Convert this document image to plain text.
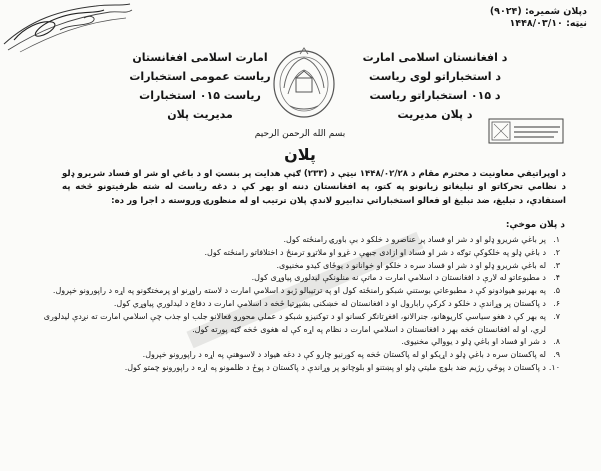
دپلان شمیره: (۹۰۲۴)
نیټه: ۱۴۴۸/۰۳/۱۰
امارت اسلامی افغانستان
ریاست عمومی استخبارات
ریاست ۰۱۵ استخبارات
مدیریت پلان
د افغانستان اسلامی امارت
د استخباراتو لوی ریاست
د ۰۱۵ استخباراتو ریاست
د پلان مدیریت
بسم الله الرحمن الرحیم
پلان
د اوپراتیفي معاونیت د محترم مقام د ۱۴۴۸/۰۲/۲۸ نیټې د (۲۳۳) ګڼې هدایت پر بنسټ او د باغي او شر او فساد شریرو ډلو د نظامي تحرکاتو او تبلیغاتو زیانونو په کتو، په افغانستان دننه او بهر کې د دغه ریاست له شته ظرفیتونو څخه په استفادې، د تبلیغ، ضد تبلیغ او فعالو استخباراتي تدابیرو لاندې پلان ترتیب او له منظورۍ وروسته د اجرا ور ده:
د پلان موخې:
۱.
پر باغي شریرو ډلو او د شر او فساد پر عناصرو د خلکو د بې باورۍ رامنځته کول.
۲.
د باغي ډلو په خلکوکې توګه د شر او فساد او ازادی جبهې د غړو او ملاتړو ترمنځ د اختلافاتو رامنځته کول.
۳.
له باغي شریرو ډلو او د شر او فساد سره د خلکو او خوانانو د یوځای کیدو مخنیوی.
۴.
د مطبوعاتو له لارې د افغانستان د اسلامي امارت د ماتې نه منلونکې لیدلوری پیاوړی کول.
۵.
په بهرنیو هیوادونو کې د مطبوعاتي بوستني شبکو رامنځته کول او په ترتیبالو ژبو د اسلامي امارت د لاسته راوړنو او پرمختګونو په اړه د راپورونو خپرول.
۶.
د پاکستان پر وړاندې د خلکو د کرکې رابارول او د افغانستان له خښکنی بشپړتیا څخه د اسلامي امارت د دفاع د لیدلوري پیاوړي کول.
۷.
په بهر کې د هغو سیاسي کاریوهانو، جنرالانو، افغړتانګر کسانو او د توکنیزو شبکو د عملي محورو فعالانو جلب او جذب چې اسلامي امارت ته نږدې لیدلوری لري، او له افغانستان څخه بهر د افغانستان د اسلامي امارت د نظام په اړه کې له هغوی څخه ګټه پورته کول.
۸.
د شر او فساد او باغي ډلو د یووالي مخنیوی.
۹.
له پاکستان سره د باغي ډلو د اړیکو او له پاکستان څخه په کورنیو چارو کې د دغه هیواد د لاسوهنې په اړه د راپورونو خپرول.
۱۰.
د پاکستان د پوځي رژیم ضد بلوچ ملیتي ډلو او پښتنو او بلوچانو پر وړاندې د پاکستان د پوځ د ظلمونو په اړه د راپورونو چمتو کول.
